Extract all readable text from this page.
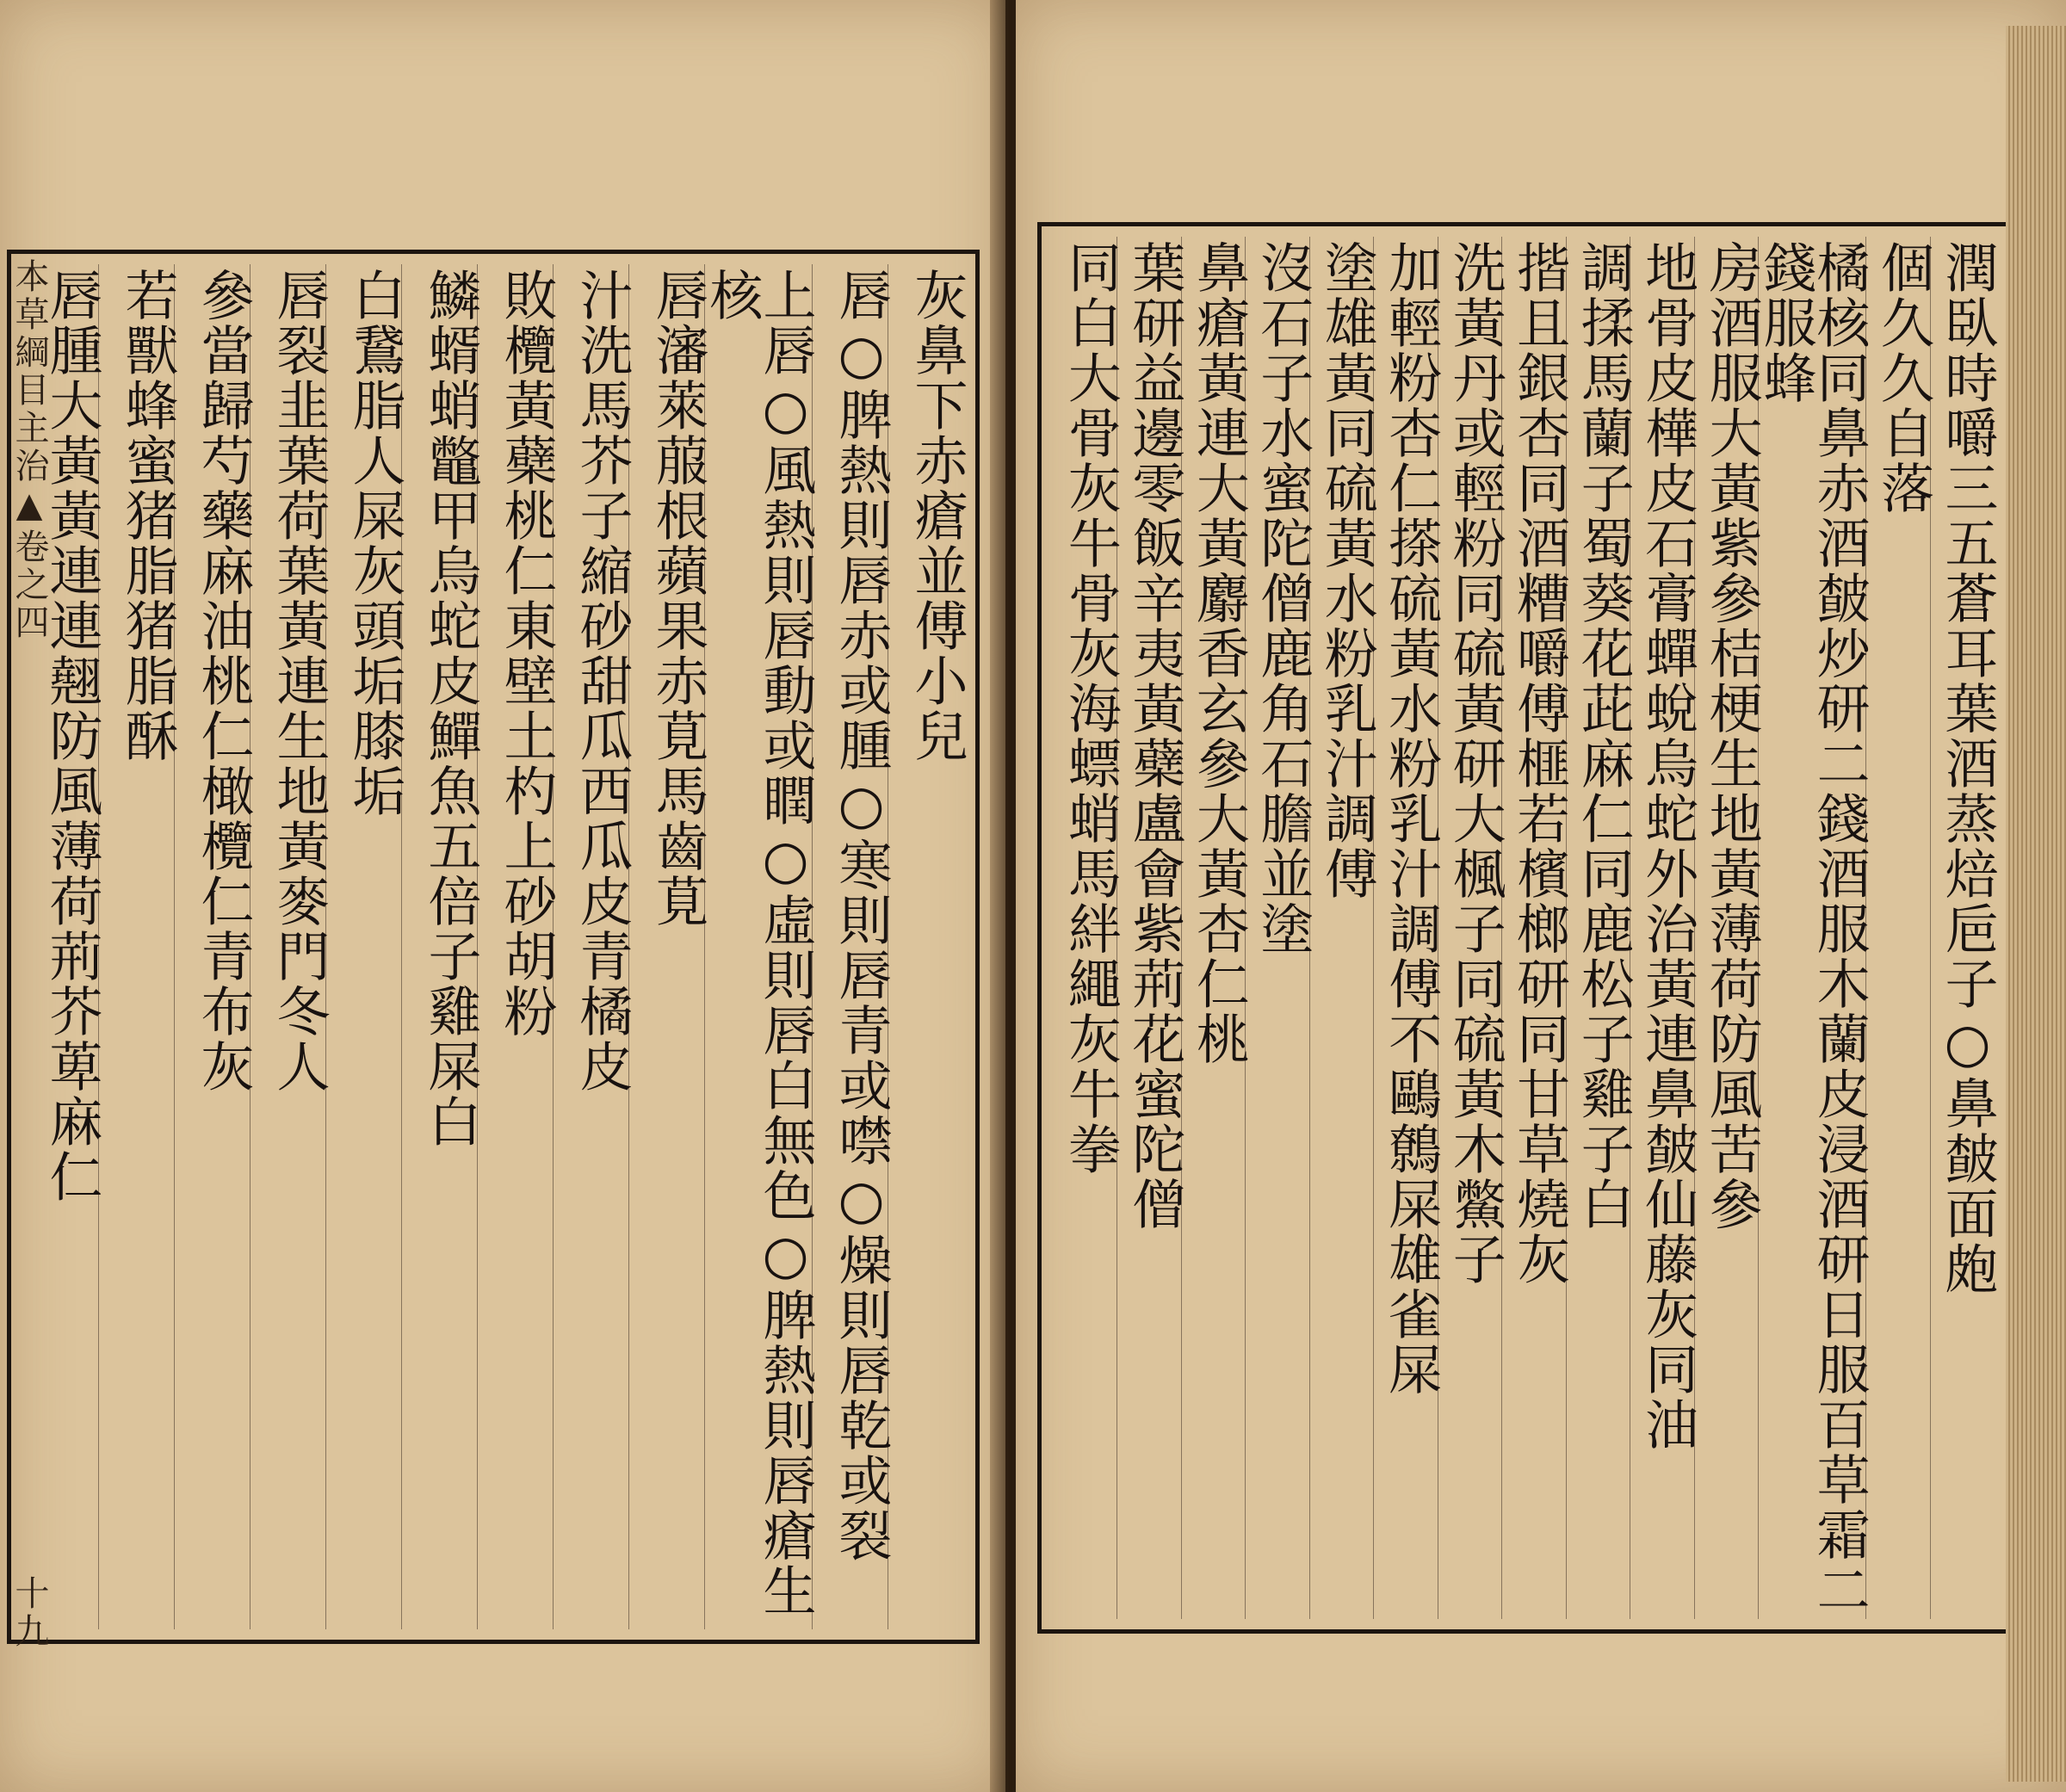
灰鼻下赤瘡並傅小兒
唇○脾熱則唇赤或腫○寒則唇青或噤○燥則唇乾或裂
上唇○風熱則唇動或瞤○虛則唇白無色○脾熱則唇瘡生核
唇瀋萊菔根蘋果赤莧馬齒莧
汁洗馬芥子縮砂甜瓜西瓜皮青橘皮
敗欖黃蘗桃仁東壁土杓上砂胡粉
鱗蝑蛸鼈甲烏蛇皮鱓魚五倍子雞屎白
白鵞脂人屎灰頭垢膝垢
唇裂韭葉荷葉黃連生地黃麥門冬人
參當歸芍藥麻油桃仁橄欖仁青布灰
若獸蜂蜜猪脂猪脂酥
唇腫大黃黃連連翹防風薄荷荊芥萆麻仁
本草綱目主治▲卷之四
十九
潤臥時嚼三五蒼耳葉酒蒸焙巵子○鼻皶面皰
個久久自落
橘核同鼻赤酒皶炒研二錢酒服木蘭皮浸酒研日服百草霜二錢服蜂
房酒服大黃紫參桔梗生地黃薄荷防風苦參
地骨皮樺皮石膏蟬蛻烏蛇外治黃連鼻皶仙藤灰同油
調揉馬蘭子蜀葵花茈麻仁同鹿松子雞子白
揩且銀杏同酒糟嚼傅榧若檳榔研同甘草燒灰
洗黃丹或輕粉同硫黃研大楓子同硫黃木鱉子
加輕粉杏仁搽硫黃水粉乳汁調傅不鷗鷯屎雄雀屎
塗雄黃同硫黃水粉乳汁調傅
沒石子水蜜陀僧鹿角石膽並塗
鼻瘡黃連大黃麝香玄參大黃杏仁桃
葉研益邊零飯辛夷黃蘗盧會紫荊花蜜陀僧
同白大骨灰牛骨灰海螵蛸馬絆繩灰牛拳
